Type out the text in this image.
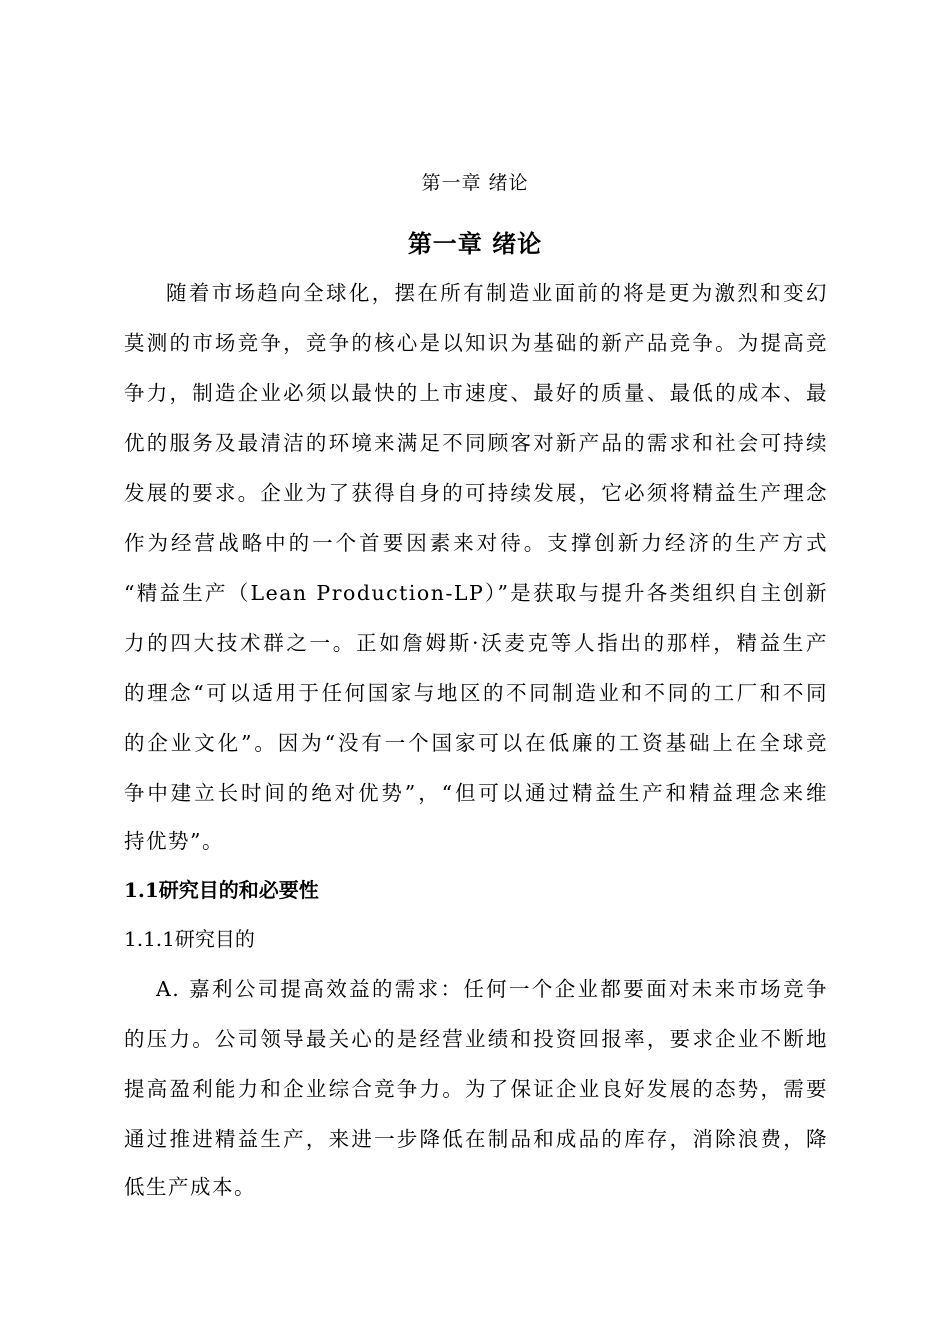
第一章 绪论
第一章 绪论
随着市场趋向全球化，摆在所有制造业面前的将是更为激烈和变幻
莫测的市场竞争，竞争的核心是以知识为基础的新产品竞争。为提高竞
争力，制造企业必须以最快的上市速度、最好的质量、最低的成本、最
优的服务及最清洁的环境来满足不同顾客对新产品的需求和社会可持续
发展的要求。企业为了获得自身的可持续发展，它必须将精益生产理念
作为经营战略中的一个首要因素来对待。支撑创新力经济的生产方式
“精益生产（Lean Production-LP）”是获取与提升各类组织自主创新
力的四大技术群之一。正如詹姆斯·沃麦克等人指出的那样，精益生产
的理念“可以适用于任何国家与地区的不同制造业和不同的工厂和不同
的企业文化”。因为“没有一个国家可以在低廉的工资基础上在全球竞
争中建立长时间的绝对优势”，“但可以通过精益生产和精益理念来维
持优势”。
1.1研究目的和必要性
1.1.1研究目的
A. 嘉利公司提高效益的需求：任何一个企业都要面对未来市场竞争
的压力。公司领导最关心的是经营业绩和投资回报率，要求企业不断地
提高盈利能力和企业综合竞争力。为了保证企业良好发展的态势，需要
通过推进精益生产，来进一步降低在制品和成品的库存，消除浪费，降
低生产成本。
